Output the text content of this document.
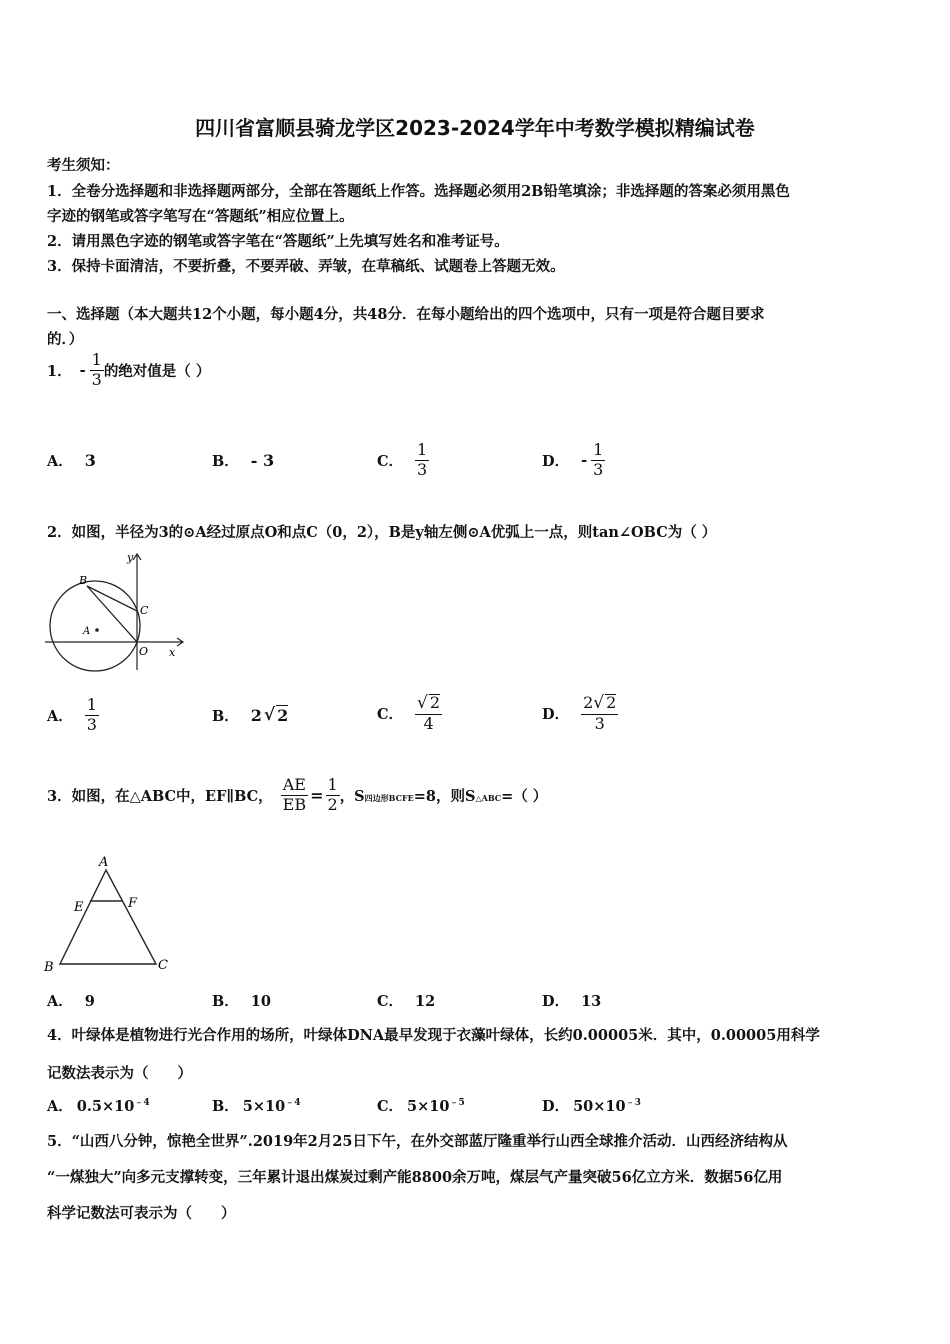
四川省富顺县骑龙学区2023-2024学年中考数学模拟精编试卷
考生须知：
1．全卷分选择题和非选择题两部分，全部在答题纸上作答。选择题必须用2B铅笔填涂；非选择题的答案必须用黑色
字迹的钢笔或答字笔写在“答题纸”相应位置上。
2．请用黑色字迹的钢笔或答字笔在“答题纸”上先填写姓名和准考证号。
3．保持卡面清洁，不要折叠，不要弄破、弄皱，在草稿纸、试题卷上答题无效。
一、选择题（本大题共12个小题，每小题4分，共48分．在每小题给出的四个选项中，只有一项是符合题目要求
的．）
1． - $\frac{1}{3}$ 的绝对值是（ ）
A． 3	B． - 3	C． $\frac{1}{3}$	D． - $\frac{1}{3}$
2．如图，半径为3的⊙A经过原点O和点C（0，2），B是y轴左侧⊙A优弧上一点，则tan∠OBC为（ ）
B
C
A
O
y
x
A． $\frac{1}{3}$	B． 2 √ 2	C． $\frac{√ 2}{4}$	D． $\frac{2√ 2}{3}$
3．如图，在△ABC中，EF∥BC， $\frac{AE}{EB} = \frac{1}{2}$ ，S 四边形BCFE =8，则S △ABC =（ ）
A
E	F
B	C
A． 9	B． 10	C． 12	D． 13
4．叶绿体是植物进行光合作用的场所，叶绿体DNA最早发现于衣藻叶绿体，长约0.00005米．其中，0.00005用科学
记数法表示为（　　）
A． $0.5\times 10^{﹣4}$	B． $5\times 10^{﹣4}$	C． $5\times 10^{﹣5}$	D． $50\times 10^{﹣3}$
5．“山西八分钟，惊艳全世界”.2019年2月25日下午，在外交部蓝厅隆重举行山西全球推介活动．山西经济结构从
“一煤独大”向多元支撑转变，三年累计退出煤炭过剩产能8800余万吨，煤层气产量突破56亿立方米．数据56亿用
科学记数法可表示为（　　）
